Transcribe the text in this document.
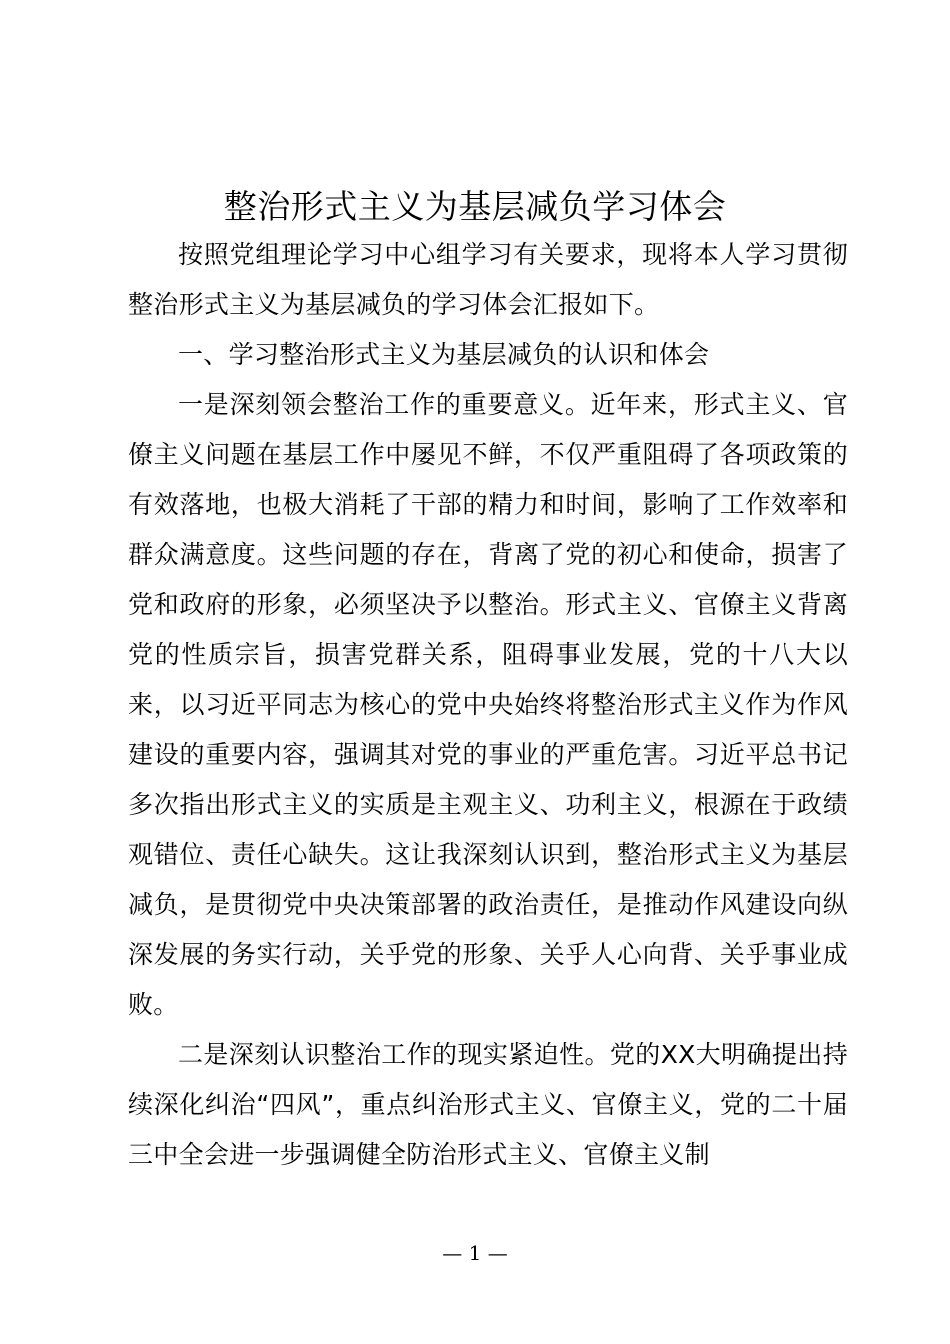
整治形式主义为基层减负学习体会

按照党组理论学习中心组学习有关要求，现将本人学习贯彻整治形式主义为基层减负的学习体会汇报如下。

一、学习整治形式主义为基层减负的认识和体会

一是深刻领会整治工作的重要意义。近年来，形式主义、官僚主义问题在基层工作中屡见不鲜，不仅严重阻碍了各项政策的有效落地，也极大消耗了干部的精力和时间，影响了工作效率和群众满意度。这些问题的存在，背离了党的初心和使命，损害了党和政府的形象，必须坚决予以整治。形式主义、官僚主义背离党的性质宗旨，损害党群关系，阻碍事业发展，党的十八大以来，以习近平同志为核心的党中央始终将整治形式主义作为作风建设的重要内容，强调其对党的事业的严重危害。习近平总书记多次指出形式主义的实质是主观主义、功利主义，根源在于政绩观错位、责任心缺失。这让我深刻认识到，整治形式主义为基层减负，是贯彻党中央决策部署的政治责任，是推动作风建设向纵深发展的务实行动，关乎党的形象、关乎人心向背、关乎事业成败。

二是深刻认识整治工作的现实紧迫性。党的XX大明确提出持续深化纠治“四风”，重点纠治形式主义、官僚主义，党的二十届三中全会进一步强调健全防治形式主义、官僚主义制

— 1 —
